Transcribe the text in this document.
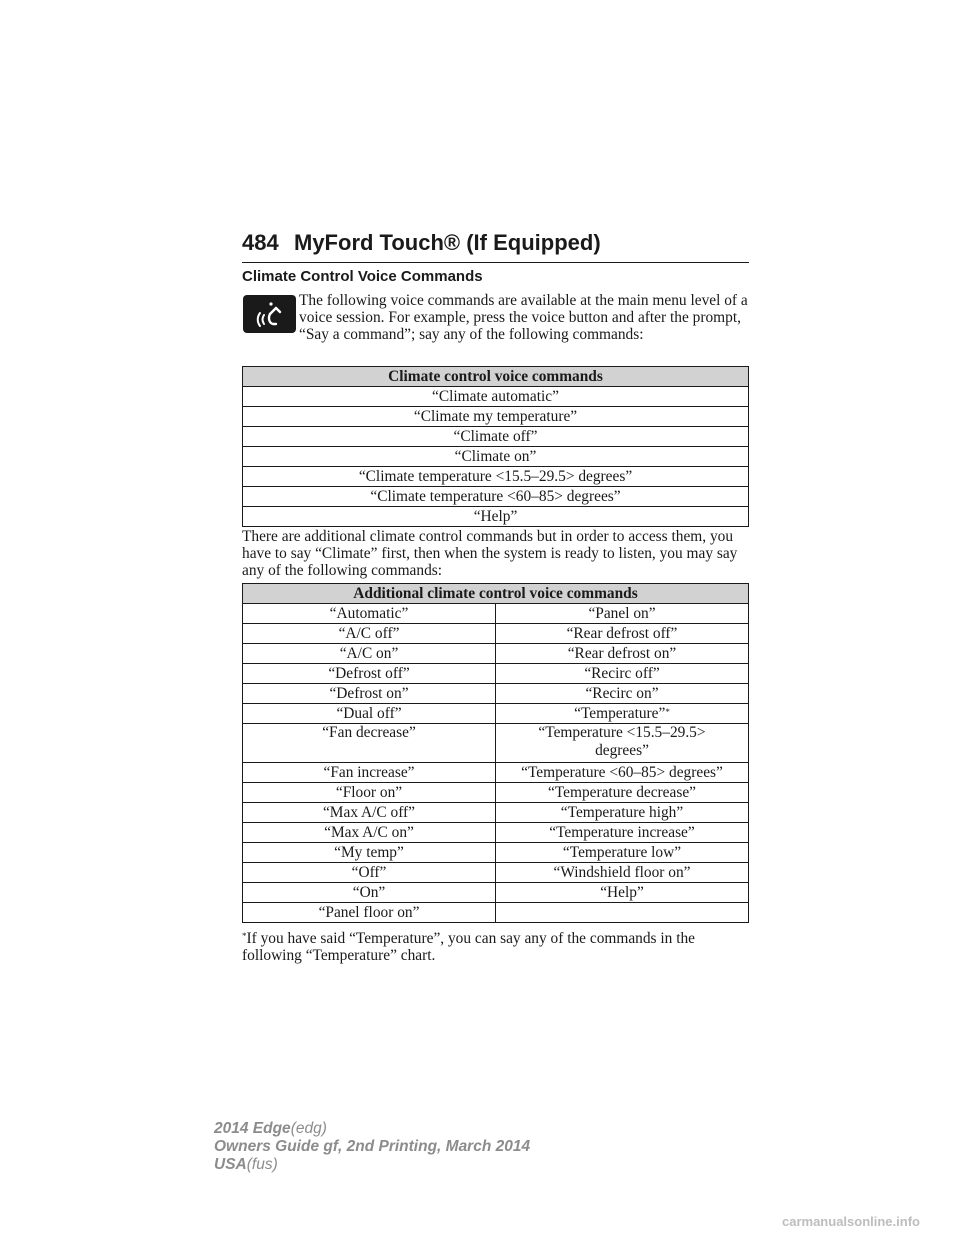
484 MyFord Touch® (If Equipped)
Climate Control Voice Commands

The following voice commands are available at the main menu level of a voice session. For example, press the voice button and after the prompt, “Say a command”; say any of the following commands:

Climate control voice commands
“Climate automatic”
“Climate my temperature”
“Climate off”
“Climate on”
“Climate temperature <15.5–29.5> degrees”
“Climate temperature <60–85> degrees”
“Help”

There are additional climate control commands but in order to access them, you have to say “Climate” first, then when the system is ready to listen, you may say any of the following commands:

Additional climate control voice commands	
“Automatic”	“Panel on”
“A/C off”	“Rear defrost off”
“A/C on”	“Rear defrost on”
“Defrost off”	“Recirc off”
“Defrost on”	“Recirc on”
“Dual off”	“Temperature”*
“Fan decrease”	“Temperature <15.5–29.5> degrees”
“Fan increase”	“Temperature <60–85> degrees”
“Floor on”	“Temperature decrease”
“Max A/C off”	“Temperature high”
“Max A/C on”	“Temperature increase”
“My temp”	“Temperature low”
“Off”	“Windshield floor on”
“On”	“Help”
“Panel floor on”	

*If you have said “Temperature”, you can say any of the commands in the following “Temperature” chart.

2014 Edge(edg)
Owners Guide gf, 2nd Printing, March 2014
USA(fus)
carmanualsonline.info
